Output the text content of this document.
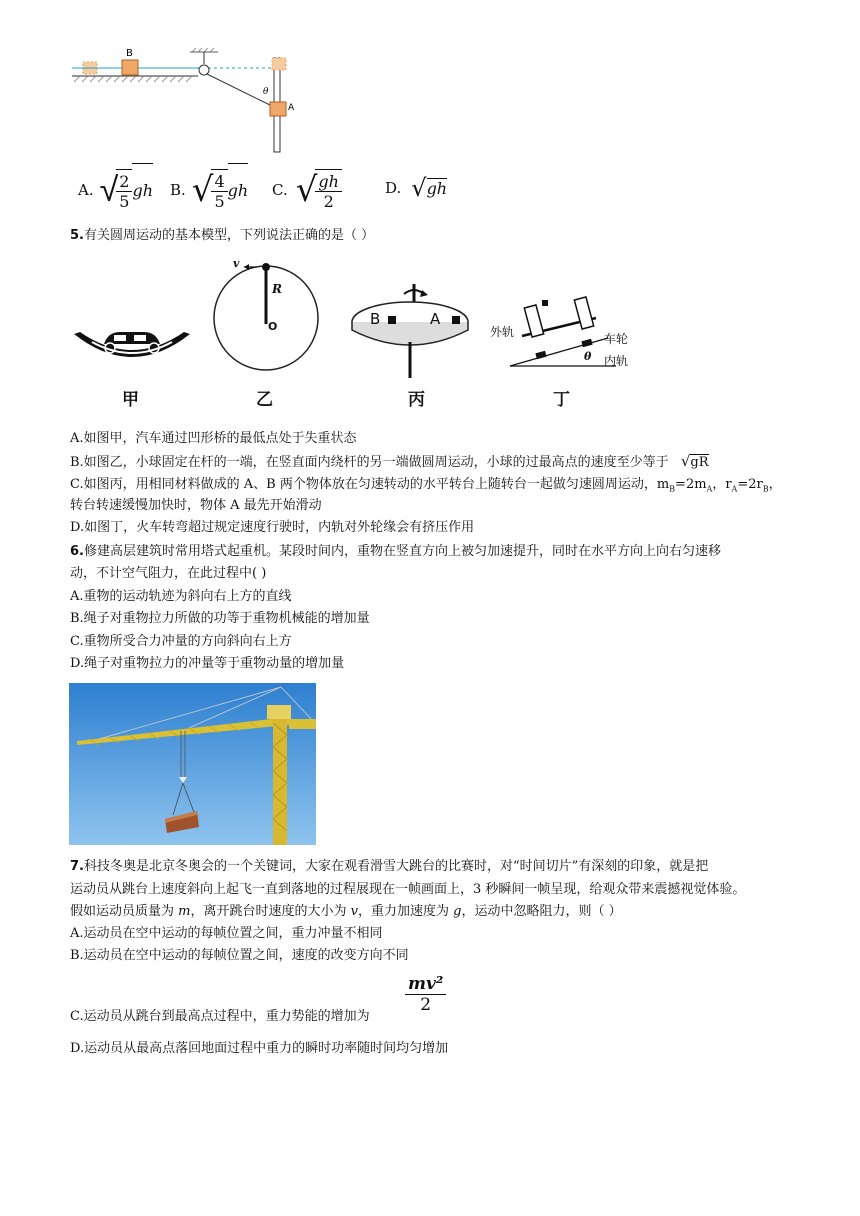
B
A
θ
A. √
$\frac{2}{5}$ gh B. √
$\frac{4}{5}$ gh C. √
$\frac{gh}{2}$	D. √ gh
5.有关圆周运动的基本模型，下列说法正确的是（ ）
甲
v
R
O
乙
B	A
丙
外轨	车轮
内轨
θ
丁
A.如图甲，汽车通过凹形桥的最低点处于失重状态
B.如图乙，小球固定在杆的一端，在竖直面内绕杆的另一端做圆周运动，小球的过最高点的速度至少等于 √gR
C.如图丙，用相同材料做成的 A、B 两个物体放在匀速转动的水平转台上随转台一起做匀速圆周运动，$m_B=2m_A$，$r_A=2r_B$，
转台转速缓慢加快时，物体 A 最先开始滑动
D.如图丁，火车转弯超过规定速度行驶时，内轨对外轮缘会有挤压作用
6.修建高层建筑时常用塔式起重机。某段时间内，重物在竖直方向上被匀加速提升，同时在水平方向上向右匀速移
动，不计空气阻力，在此过程中( )
A.重物的运动轨迹为斜向右上方的直线
B.绳子对重物拉力所做的功等于重物机械能的增加量
C.重物所受合力冲量的方向斜向右上方
D.绳子对重物拉力的冲量等于重物动量的增加量
7.科技冬奥是北京冬奥会的一个关键词，大家在观看滑雪大跳台的比赛时，对“时间切片”有深刻的印象，就是把
运动员从跳台上速度斜向上起飞一直到落地的过程展现在一帧画面上，3 秒瞬间一帧呈现，给观众带来震撼视觉体验。
假如运动员质量为 m，离开跳台时速度的大小为 v，重力加速度为 g，运动中忽略阻力，则（ ）
A.运动员在空中运动的每帧位置之间，重力冲量不相同
B.运动员在空中运动的每帧位置之间，速度的改变方向不同
C.运动员从跳台到最高点过程中，重力势能的增加为
$\frac{\text{mv²}}{2}$
D.运动员从最高点落回地面过程中重力的瞬时功率随时间均匀增加
